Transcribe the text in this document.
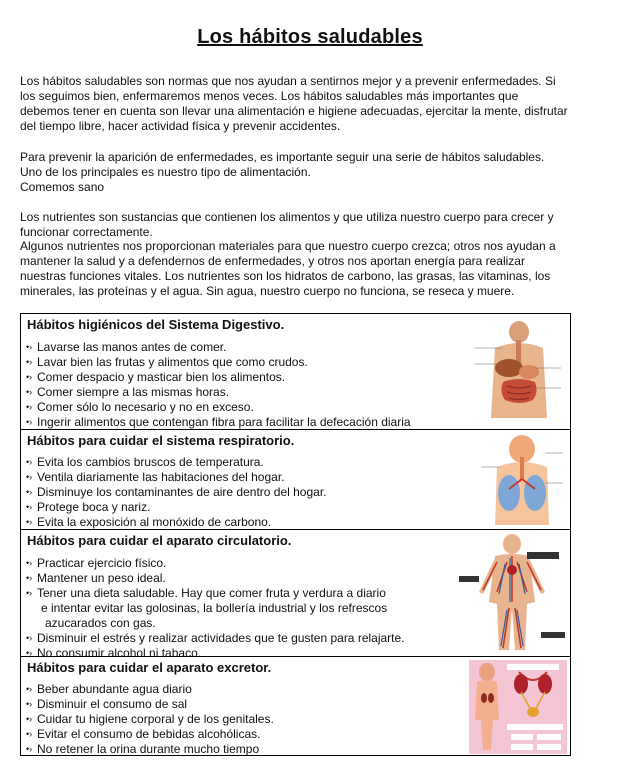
Los hábitos saludables

Los hábitos saludables son normas que nos ayudan a sentirnos mejor y a prevenir enfermedades. Si
los seguimos bien, enfermaremos menos veces. Los hábitos saludables más importantes que
debemos tener en cuenta son llevar una alimentación e higiene adecuadas, ejercitar la mente, disfrutar
del tiempo libre, hacer actividad física y prevenir accidentes.

Para prevenir la aparición de enfermedades, es importante seguir una serie de hábitos saludables.
Uno de los principales es nuestro tipo de alimentación.
Comemos sano

Los nutrientes son sustancias que contienen los alimentos y que utiliza nuestro cuerpo para crecer y
funcionar correctamente.

Algunos nutrientes nos proporcionan materiales para que nuestro cuerpo crezca; otros nos ayudan a
mantener la salud y a defendernos de enfermedades, y otros nos aportan energía para realizar
nuestras funciones vitales. Los nutrientes son los hidratos de carbono, las grasas, las vitaminas, los
minerales, las proteínas y el agua. Sin agua, nuestro cuerpo no funciona, se reseca y muere.

Hábitos higiénicos del Sistema Digestivo.
•› Lavarse las manos antes de comer.
•› Lavar bien las frutas y alimentos que como crudos.
•› Comer despacio y masticar bien los alimentos.
•› Comer siempre a las mismas horas.
•› Comer sólo lo necesario y no en exceso.
•› Ingerir alimentos que contengan fibra para facilitar la defecación diaria
Hábitos para cuidar el sistema respiratorio.
•› Evita los cambios bruscos de temperatura.
•› Ventila diariamente las habitaciones del hogar.
•› Disminuye los contaminantes de aire dentro del hogar.
•› Protege boca y nariz.
•› Evita la exposición al monóxido de carbono.
Hábitos para cuidar el aparato circulatorio.
•› Practicar ejercicio físico.
•› Mantener un peso ideal.
•› Tener una dieta saludable. Hay que comer fruta y verdura a diario
e intentar evitar las golosinas, la bollería industrial y los refrescos
azucarados con gas.
•› Disminuir el estrés y realizar actividades que te gusten para relajarte.
•› No consumir alcohol ni tabaco.
Hábitos para cuidar el aparato excretor.
•› Beber abundante agua diario
•› Disminuir el consumo de sal
•› Cuidar tu higiene corporal y de los genitales.
•› Evitar el consumo de bebidas alcohólicas.
•› No retener la orina durante mucho tiempo
